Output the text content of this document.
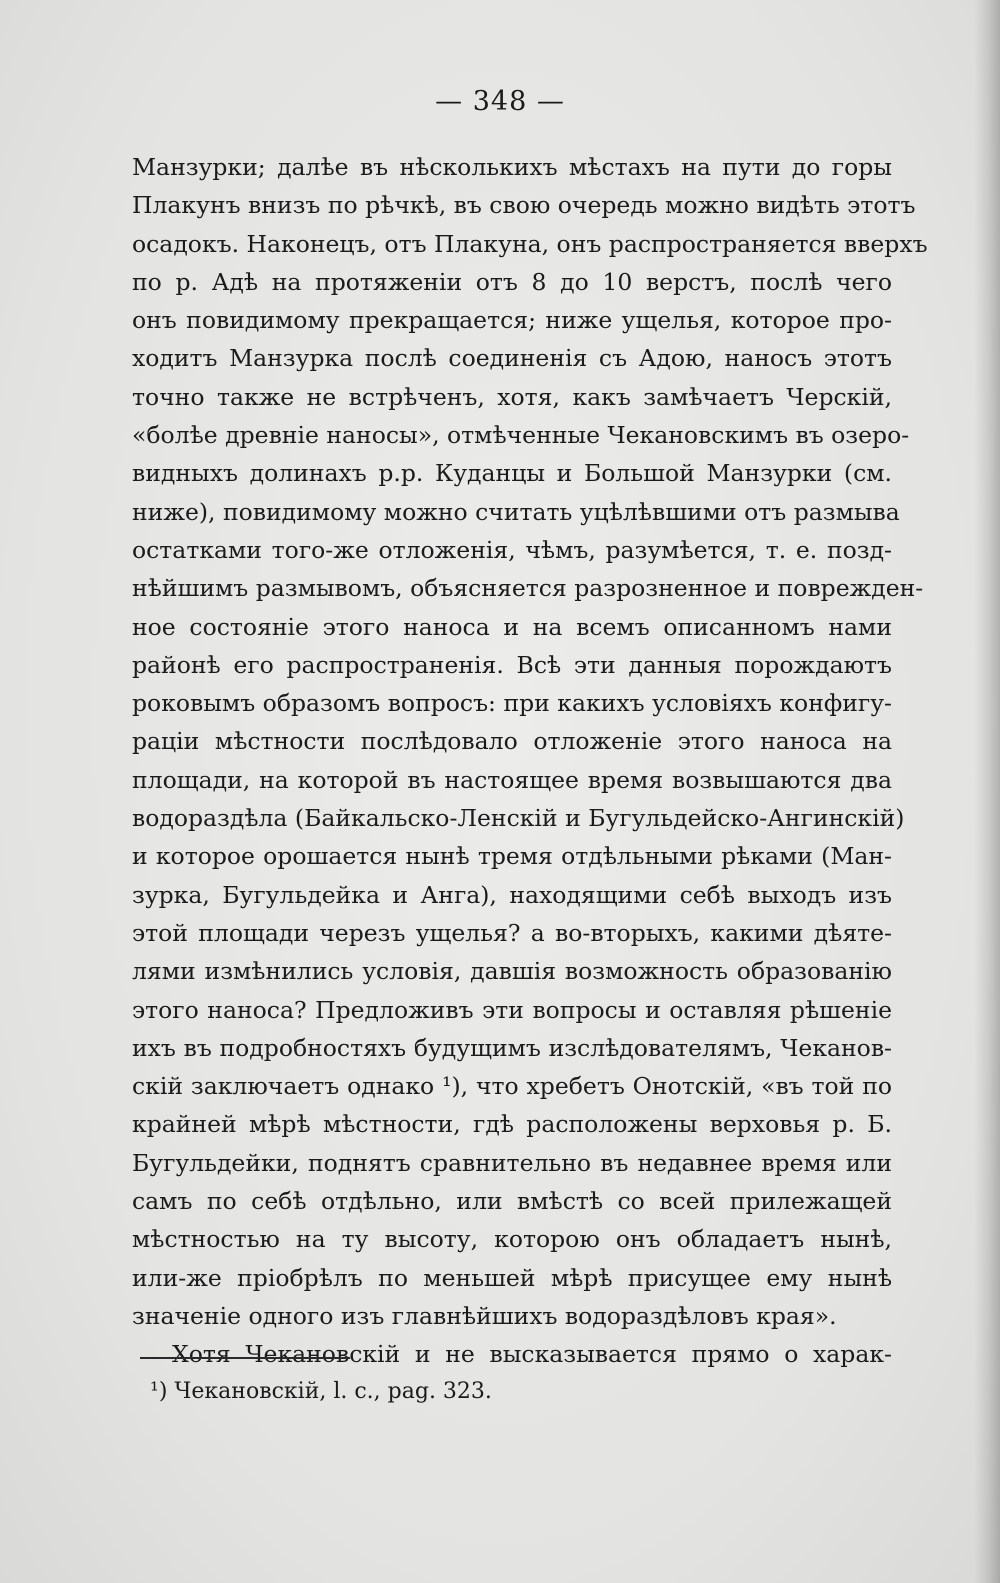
— 348 —
Манзурки; далѣе въ нѣсколькихъ мѣстахъ на пути до горы
Плакунъ внизъ по рѣчкѣ, въ свою очередь можно видѣть этотъ
осадокъ. Наконецъ, отъ Плакуна, онъ распространяется вверхъ
по р. Адѣ на протяженіи отъ 8 до 10 верстъ, послѣ чего
онъ повидимому прекращается; ниже ущелья, которое про-
ходитъ Манзурка послѣ соединенія съ Адою, наносъ этотъ
точно также не встрѣченъ, хотя, какъ замѣчаетъ Черскій,
«болѣе древніе наносы», отмѣченные Чекановскимъ въ озеро-
видныхъ долинахъ р.р. Куданцы и Большой Манзурки (см.
ниже), повидимому можно считать уцѣлѣвшими отъ размыва
остатками того-же отложенія, чѣмъ, разумѣется, т. е. позд-
нѣйшимъ размывомъ, объясняется разрозненное и поврежден-
ное состояніе этого наноса и на всемъ описанномъ нами
районѣ его распространенія. Всѣ эти данныя порождаютъ
роковымъ образомъ вопросъ: при какихъ условіяхъ конфигу-
раціи мѣстности послѣдовало отложеніе этого наноса на
площади, на которой въ настоящее время возвышаются два
водораздѣла (Байкальско-Ленскій и Бугульдейско-Ангинскій)
и которое орошается нынѣ тремя отдѣльными рѣками (Ман-
зурка, Бугульдейка и Анга), находящими себѣ выходъ изъ
этой площади черезъ ущелья? а во-вторыхъ, какими дѣяте-
лями измѣнились условія, давшія возможность образованію
этого наноса? Предложивъ эти вопросы и оставляя рѣшеніе
ихъ въ подробностяхъ будущимъ изслѣдователямъ, Чеканов-
скій заключаетъ однако ¹), что хребетъ Онотскій, «въ той по
крайней мѣрѣ мѣстности, гдѣ расположены верховья р. Б.
Бугульдейки, поднятъ сравнительно въ недавнее время или
самъ по себѣ отдѣльно, или вмѣстѣ со всей прилежащей
мѣстностью на ту высоту, которою онъ обладаетъ нынѣ,
или-же пріобрѣлъ по меньшей мѣрѣ присущее ему нынѣ
значеніе одного изъ главнѣйшихъ водораздѣловъ края».
Хотя Чекановскій и не высказывается прямо о харак-
¹) Чекановскій, l. c., pag. 323.
